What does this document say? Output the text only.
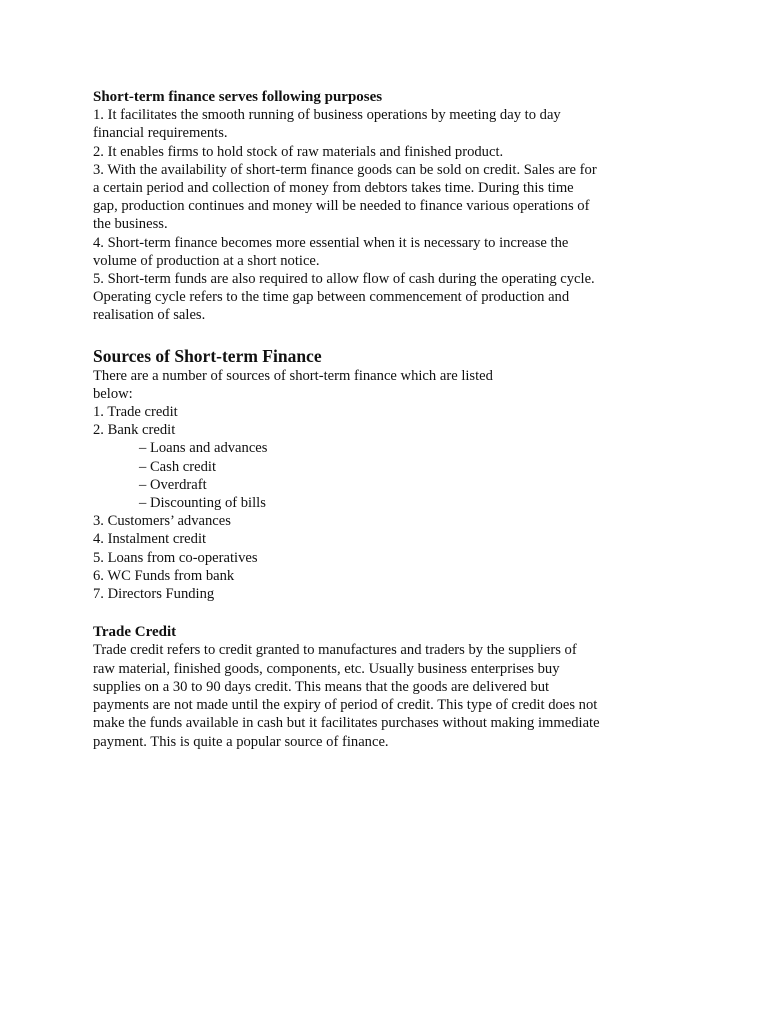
Short-term finance serves following purposes
1. It facilitates the smooth running of business operations by meeting day to day
financial requirements.
2. It enables firms to hold stock of raw materials and finished product.
3. With the availability of short-term finance goods can be sold on credit. Sales are for
a certain period and collection of money from debtors takes time. During this time
gap, production continues and money will be needed to finance various operations of
the business.
4. Short-term finance becomes more essential when it is necessary to increase the
volume of production at a short notice.
5. Short-term funds are also required to allow flow of cash during the operating cycle.
Operating cycle refers to the time gap between commencement of production and
realisation of sales.
Sources of Short-term Finance
There are a number of sources of short-term finance which are listed
below:
1. Trade credit
2. Bank credit
– Loans and advances
– Cash credit
– Overdraft
– Discounting of bills
3. Customers’ advances
4. Instalment credit
5. Loans from co-operatives
6. WC Funds from bank
7. Directors Funding
Trade Credit
Trade credit refers to credit granted to manufactures and traders by the suppliers of
raw material, finished goods, components, etc. Usually business enterprises buy
supplies on a 30 to 90 days credit. This means that the goods are delivered but
payments are not made until the expiry of period of credit. This type of credit does not
make the funds available in cash but it facilitates purchases without making immediate
payment. This is quite a popular source of finance.
